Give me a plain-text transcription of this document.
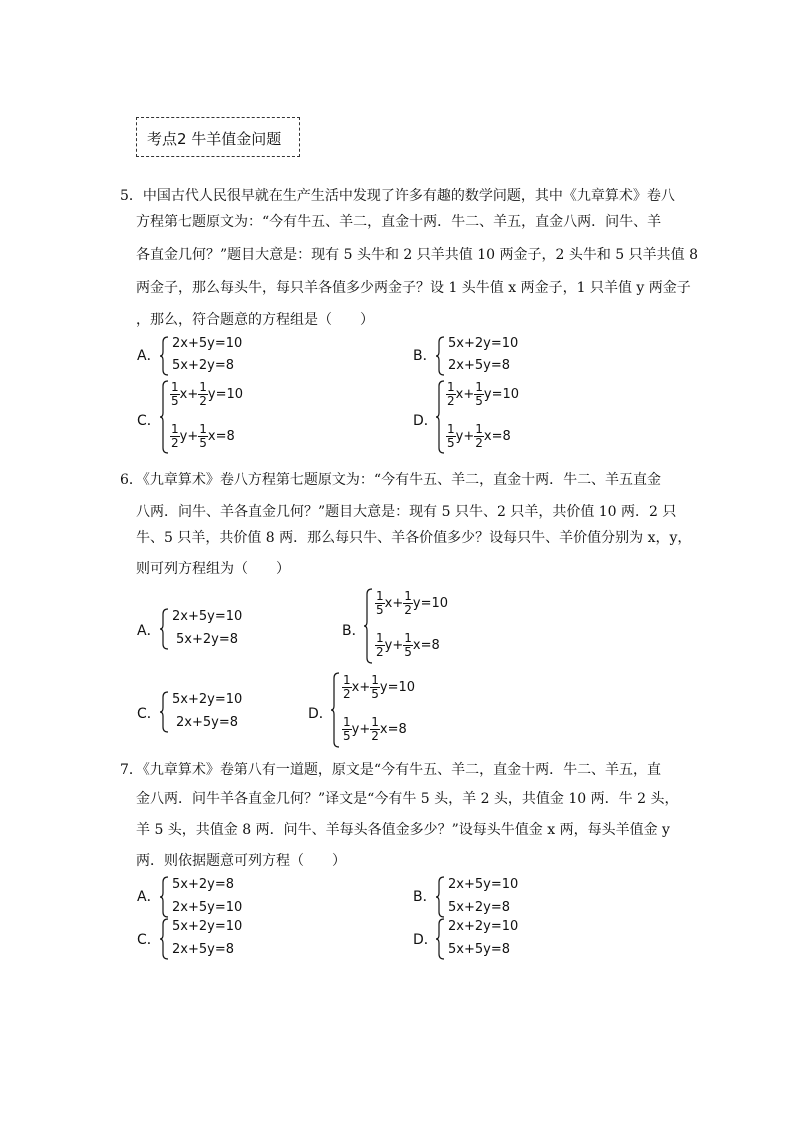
考点2 牛羊值金问题
5．中国古代人民很早就在生产生活中发现了许多有趣的数学问题，其中《九章算术》卷八
方程第七题原文为：“今有牛五、羊二，直金十两．牛二、羊五，直金八两．问牛、羊
各直金几何？”题目大意是：现有 5 头牛和 2 只羊共值 10 两金子，2 头牛和 5 只羊共值 8
两金子，那么每头牛，每只羊各值多少两金子？设 1 头牛值 x 两金子，1 只羊值 y 两金子
，那么，符合题意的方程组是（　　）
A．
2x+5y=10
5x+2y=8
B．
5x+2y=10
2x+5y=8
C．
$\frac{1}{5} x+ \frac{1}{2} y=10$
$\frac{1}{2} y+ \frac{1}{5} x=8$
D．
$\frac{1}{2} x+ \frac{1}{5} y=10$
$\frac{1}{5} y+ \frac{1}{2} x=8$
6．《九章算术》卷八方程第七题原文为：“今有牛五、羊二，直金十两．牛二、羊五直金
八两．问牛、羊各直金几何？”题目大意是：现有 5 只牛、2 只羊，共价值 10 两．2 只
牛、5 只羊，共价值 8 两．那么每只牛、羊各价值多少？设每只牛、羊价值分别为 x，y，
则可列方程组为（　　）
A．
2x+5y=10
5x+2y=8
B．
$\frac{1}{5} x+ \frac{1}{2} y=10$
$\frac{1}{2} y+ \frac{1}{5} x=8$
C．
5x+2y=10
2x+5y=8
D．
$\frac{1}{2} x+ \frac{1}{5} y=10$
$\frac{1}{5} y+ \frac{1}{2} x=8$
7．《九章算术》卷第八有一道题，原文是“今有牛五、羊二，直金十两．牛二、羊五，直
金八两．问牛羊各直金几何？”译文是“今有牛 5 头，羊 2 头，共值金 10 两．牛 2 头，
羊 5 头，共值金 8 两．问牛、羊每头各值金多少？”设每头牛值金 x 两，每头羊值金 y
两．则依据题意可列方程（　　）
A．
5x+2y=8
2x+5y=10
B．
2x+5y=10
5x+2y=8
C．
5x+2y=10
2x+5y=8
D．
2x+2y=10
5x+5y=8
